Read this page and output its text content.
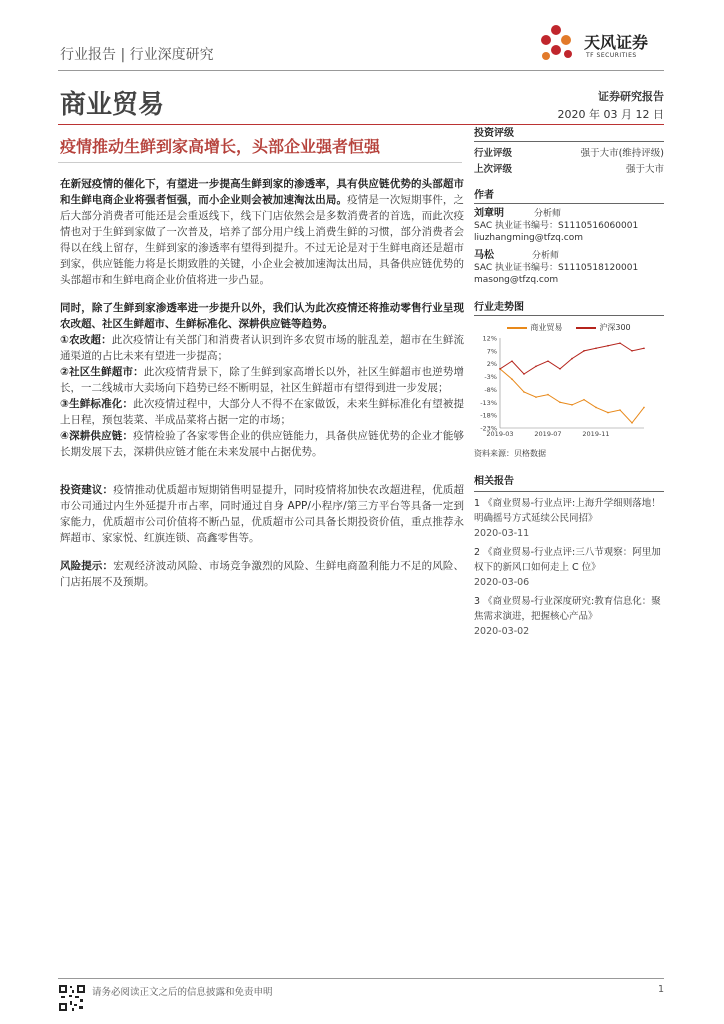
行业报告 | 行业深度研究
天风证券
TF SECURITIES
商业贸易	证券研究报告
2020 年 03 月 12 日
疫情推动生鲜到家高增长，头部企业强者恒强

在新冠疫情的催化下，有望进一步提高生鲜到家的渗透率，具有供应链优势的头部超市和生鲜电商企业将强者恒强，而小企业则会被加速淘汰出局。疫情是一次短期事件，之后大部分消费者可能还是会重返线下，线下门店依然会是多数消费者的首选，而此次疫情也对于生鲜到家做了一次普及，培养了部分用户线上消费生鲜的习惯，部分消费者会得以在线上留存，生鲜到家的渗透率有望得到提升。不过无论是对于生鲜电商还是超市到家，供应链能力将是长期致胜的关键，小企业会被加速淘汰出局，具备供应链优势的头部超市和生鲜电商企业价值将进一步凸显。

同时，除了生鲜到家渗透率进一步提升以外，我们认为此次疫情还将推动零售行业呈现农改超、社区生鲜超市、生鲜标准化、深耕供应链等趋势。

①农改超：此次疫情让有关部门和消费者认识到许多农贸市场的脏乱差，超市在生鲜流通渠道的占比未来有望进一步提高；
②社区生鲜超市：此次疫情背景下，除了生鲜到家高增长以外，社区生鲜超市也逆势增长，一二线城市大卖场向下趋势已经不断明显，社区生鲜超市有望得到进一步发展；
③生鲜标准化：此次疫情过程中，大部分人不得不在家做饭，未来生鲜标准化有望被提上日程，预包装菜、半成品菜将占据一定的市场；
④深耕供应链：疫情检验了各家零售企业的供应链能力，具备供应链优势的企业才能够长期发展下去，深耕供应链才能在未来发展中占据优势。

投资建议：疫情推动优质超市短期销售明显提升，同时疫情将加快农改超进程，优质超市公司通过内生外延提升市占率，同时通过自身 APP/小程序/第三方平台等具备一定到家能力，优质超市公司价值将不断凸显，优质超市公司具备长期投资价值，重点推荐永辉超市、家家悦、红旗连锁、高鑫零售等。

风险提示：宏观经济波动风险、市场竞争激烈的风险、生鲜电商盈利能力不足的风险、门店拓展不及预期。

投资评级
行业评级	强于大市(维持评级)
上次评级	强于大市
作者
刘章明	分析师
SAC 执业证书编号：S1110516060001
liuzhangming@tfzq.com
马松	分析师
SAC 执业证书编号：S1110518120001
masong@tfzq.com
行业走势图
商业贸易	沪深300
12%
7%
2%
-3%
-8%
-13%
-18%
-23%
2019-03	2019-07	2019-11
资料来源：贝格数据
相关报告
1 《商业贸易-行业点评:上海升学细则落地！明确摇号方式延续公民同招》
2020-03-11
2 《商业贸易-行业点评:三八节观察：阿里加权下的新风口如何走上 C 位》
2020-03-06
3 《商业贸易-行业深度研究:教育信息化：聚焦需求演进，把握核心产品》
2020-03-02
请务必阅读正文之后的信息披露和免责申明	1
